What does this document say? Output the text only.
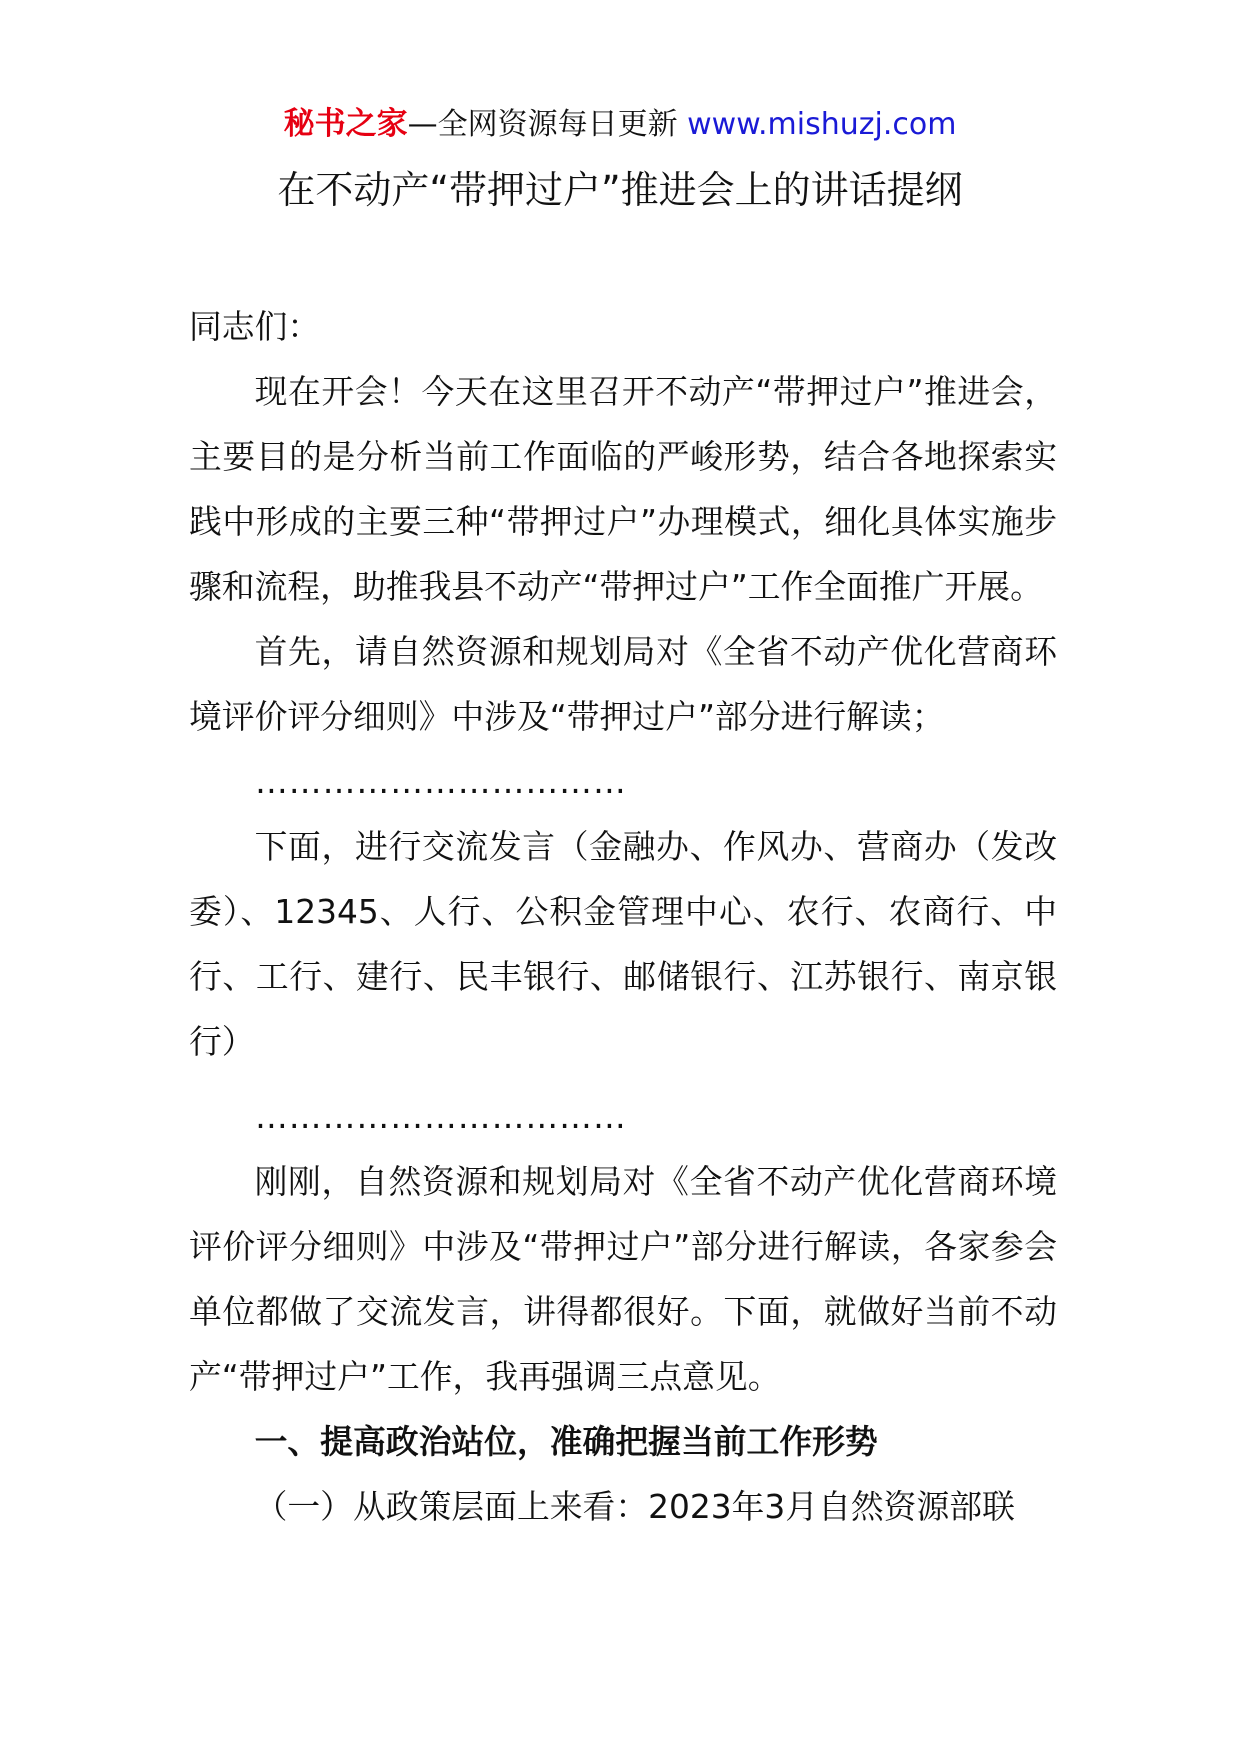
秘书之家—全网资源每日更新 www.mishuzj.com
在不动产“带押过户”推进会上的讲话提纲

同志们：

现在开会！今天在这里召开不动产“带押过户”推进会，主要目的是分析当前工作面临的严峻形势，结合各地探索实践中形成的主要三种“带押过户”办理模式，细化具体实施步骤和流程，助推我县不动产“带押过户”工作全面推广开展。

首先，请自然资源和规划局对《全省不动产优化营商环境评价评分细则》中涉及“带押过户”部分进行解读；

……………………………

下面，进行交流发言（金融办、作风办、营商办（发改委）、12345、人行、公积金管理中心、农行、农商行、中行、工行、建行、民丰银行、邮储银行、江苏银行、南京银行）

……………………………

刚刚，自然资源和规划局对《全省不动产优化营商环境评价评分细则》中涉及“带押过户”部分进行解读，各家参会单位都做了交流发言，讲得都很好。下面，就做好当前不动产“带押过户”工作，我再强调三点意见。

一、提高政治站位，准确把握当前工作形势

（一）从政策层面上来看：2023年3月自然资源部联
